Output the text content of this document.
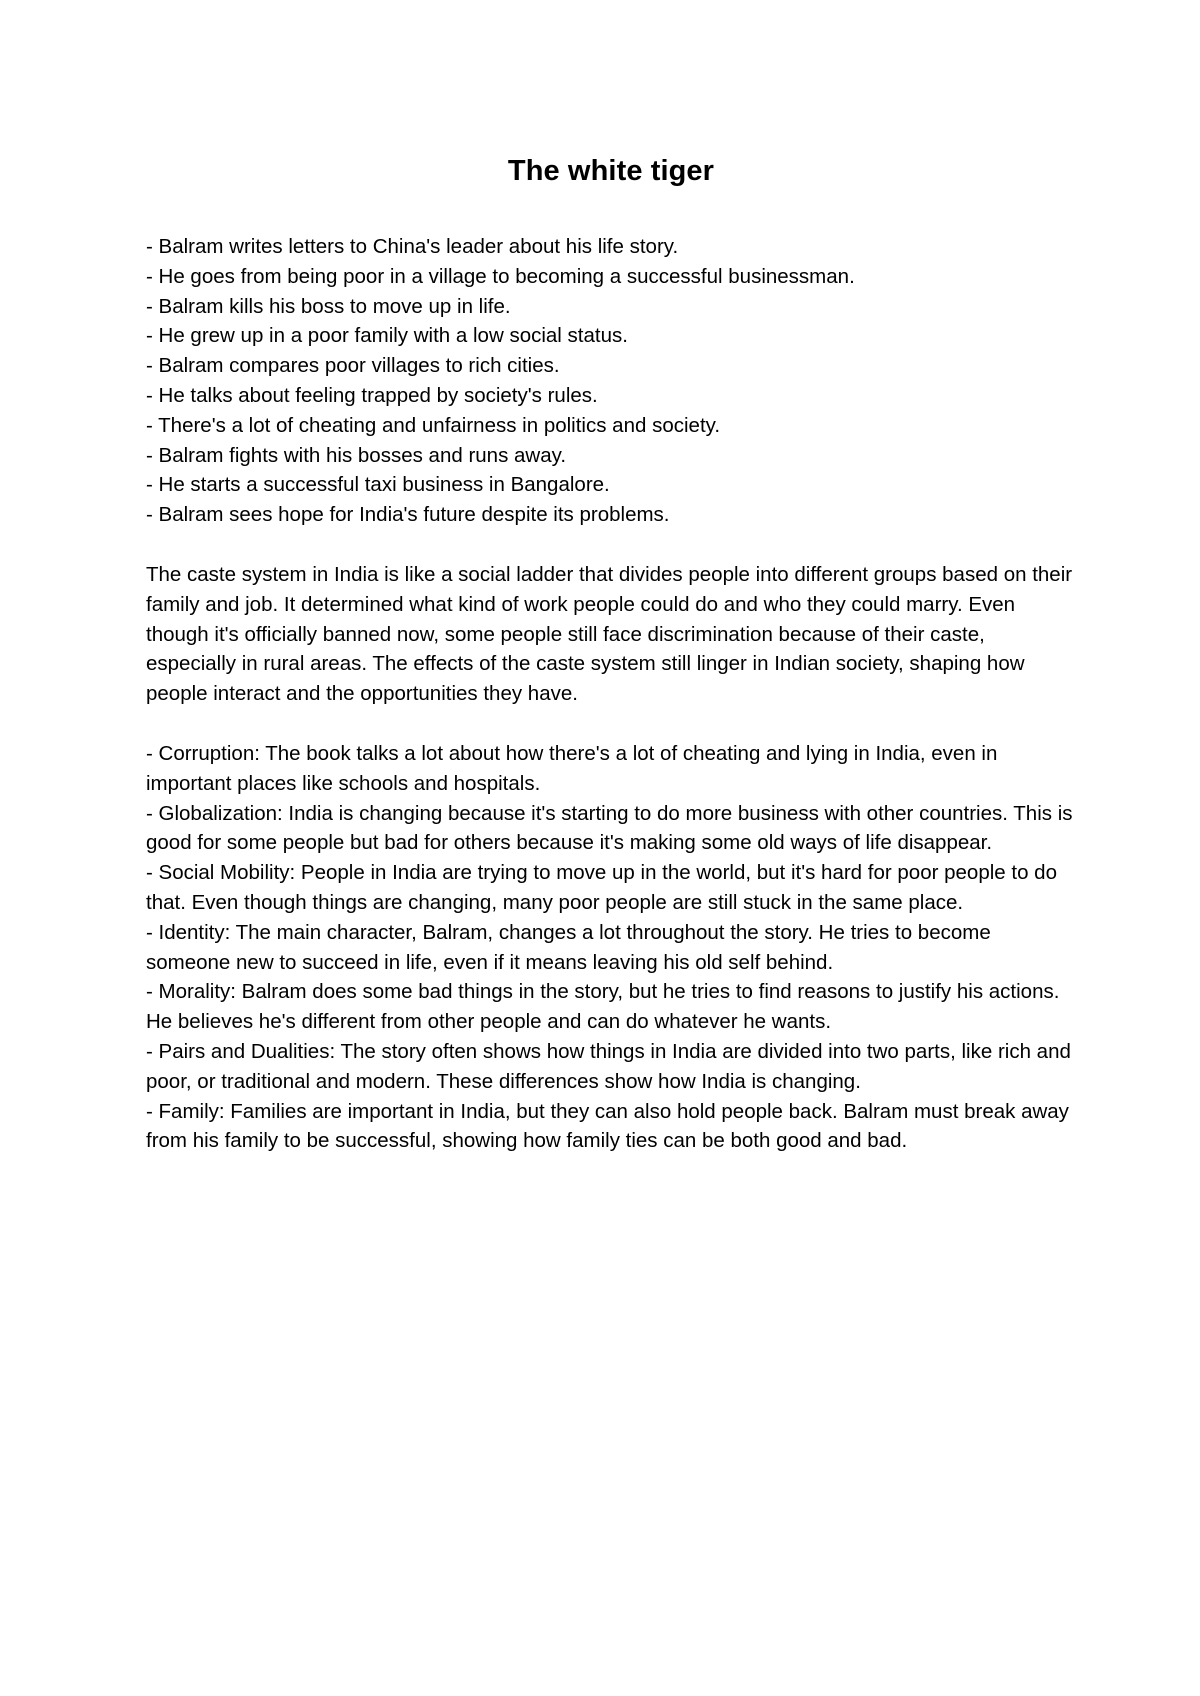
The white tiger
- Balram writes letters to China's leader about his life story.
- He goes from being poor in a village to becoming a successful businessman.
- Balram kills his boss to move up in life.
- He grew up in a poor family with a low social status.
- Balram compares poor villages to rich cities.
- He talks about feeling trapped by society's rules.
- There's a lot of cheating and unfairness in politics and society.
- Balram fights with his bosses and runs away.
- He starts a successful taxi business in Bangalore.
- Balram sees hope for India's future despite its problems.

The caste system in India is like a social ladder that divides people into different groups based on their family and job. It determined what kind of work people could do and who they could marry. Even though it's officially banned now, some people still face discrimination because of their caste, especially in rural areas. The effects of the caste system still linger in Indian society, shaping how people interact and the opportunities they have.

- Corruption: The book talks a lot about how there's a lot of cheating and lying in India, even in important places like schools and hospitals.
- Globalization: India is changing because it's starting to do more business with other countries. This is good for some people but bad for others because it's making some old ways of life disappear.
- Social Mobility: People in India are trying to move up in the world, but it's hard for poor people to do that. Even though things are changing, many poor people are still stuck in the same place.
- Identity: The main character, Balram, changes a lot throughout the story. He tries to become someone new to succeed in life, even if it means leaving his old self behind.
- Morality: Balram does some bad things in the story, but he tries to find reasons to justify his actions. He believes he's different from other people and can do whatever he wants.
- Pairs and Dualities: The story often shows how things in India are divided into two parts, like rich and poor, or traditional and modern. These differences show how India is changing.
- Family: Families are important in India, but they can also hold people back. Balram must break away from his family to be successful, showing how family ties can be both good and bad.
